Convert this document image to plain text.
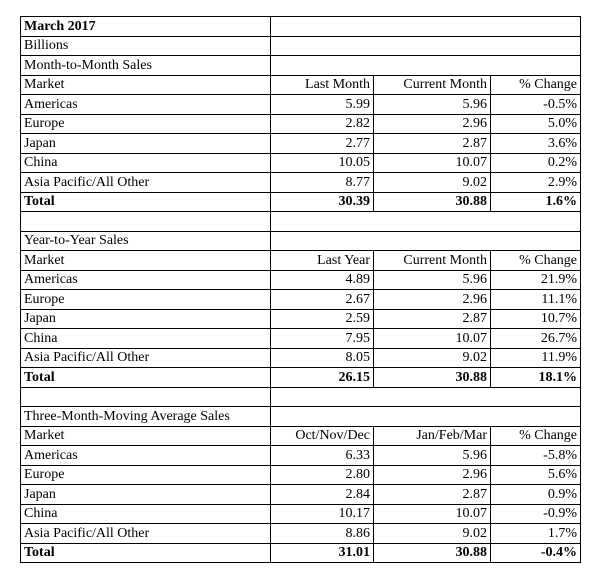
March 2017			
Billions			
Month-to-Month Sales			
Market	Last Month	Current Month	% Change
Americas	5.99	5.96	-0.5%
Europe	2.82	2.96	5.0%
Japan	2.77	2.87	3.6%
China	10.05	10.07	0.2%
Asia Pacific/All Other	8.77	9.02	2.9%
Total	30.39	30.88	1.6%

Year-to-Year Sales			
Market	Last Year	Current Month	% Change
Americas	4.89	5.96	21.9%
Europe	2.67	2.96	11.1%
Japan	2.59	2.87	10.7%
China	7.95	10.07	26.7%
Asia Pacific/All Other	8.05	9.02	11.9%
Total	26.15	30.88	18.1%

Three-Month-Moving Average Sales			
Market	Oct/Nov/Dec	Jan/Feb/Mar	% Change
Americas	6.33	5.96	-5.8%
Europe	2.80	2.96	5.6%
Japan	2.84	2.87	0.9%
China	10.17	10.07	-0.9%
Asia Pacific/All Other	8.86	9.02	1.7%
Total	31.01	30.88	-0.4%
